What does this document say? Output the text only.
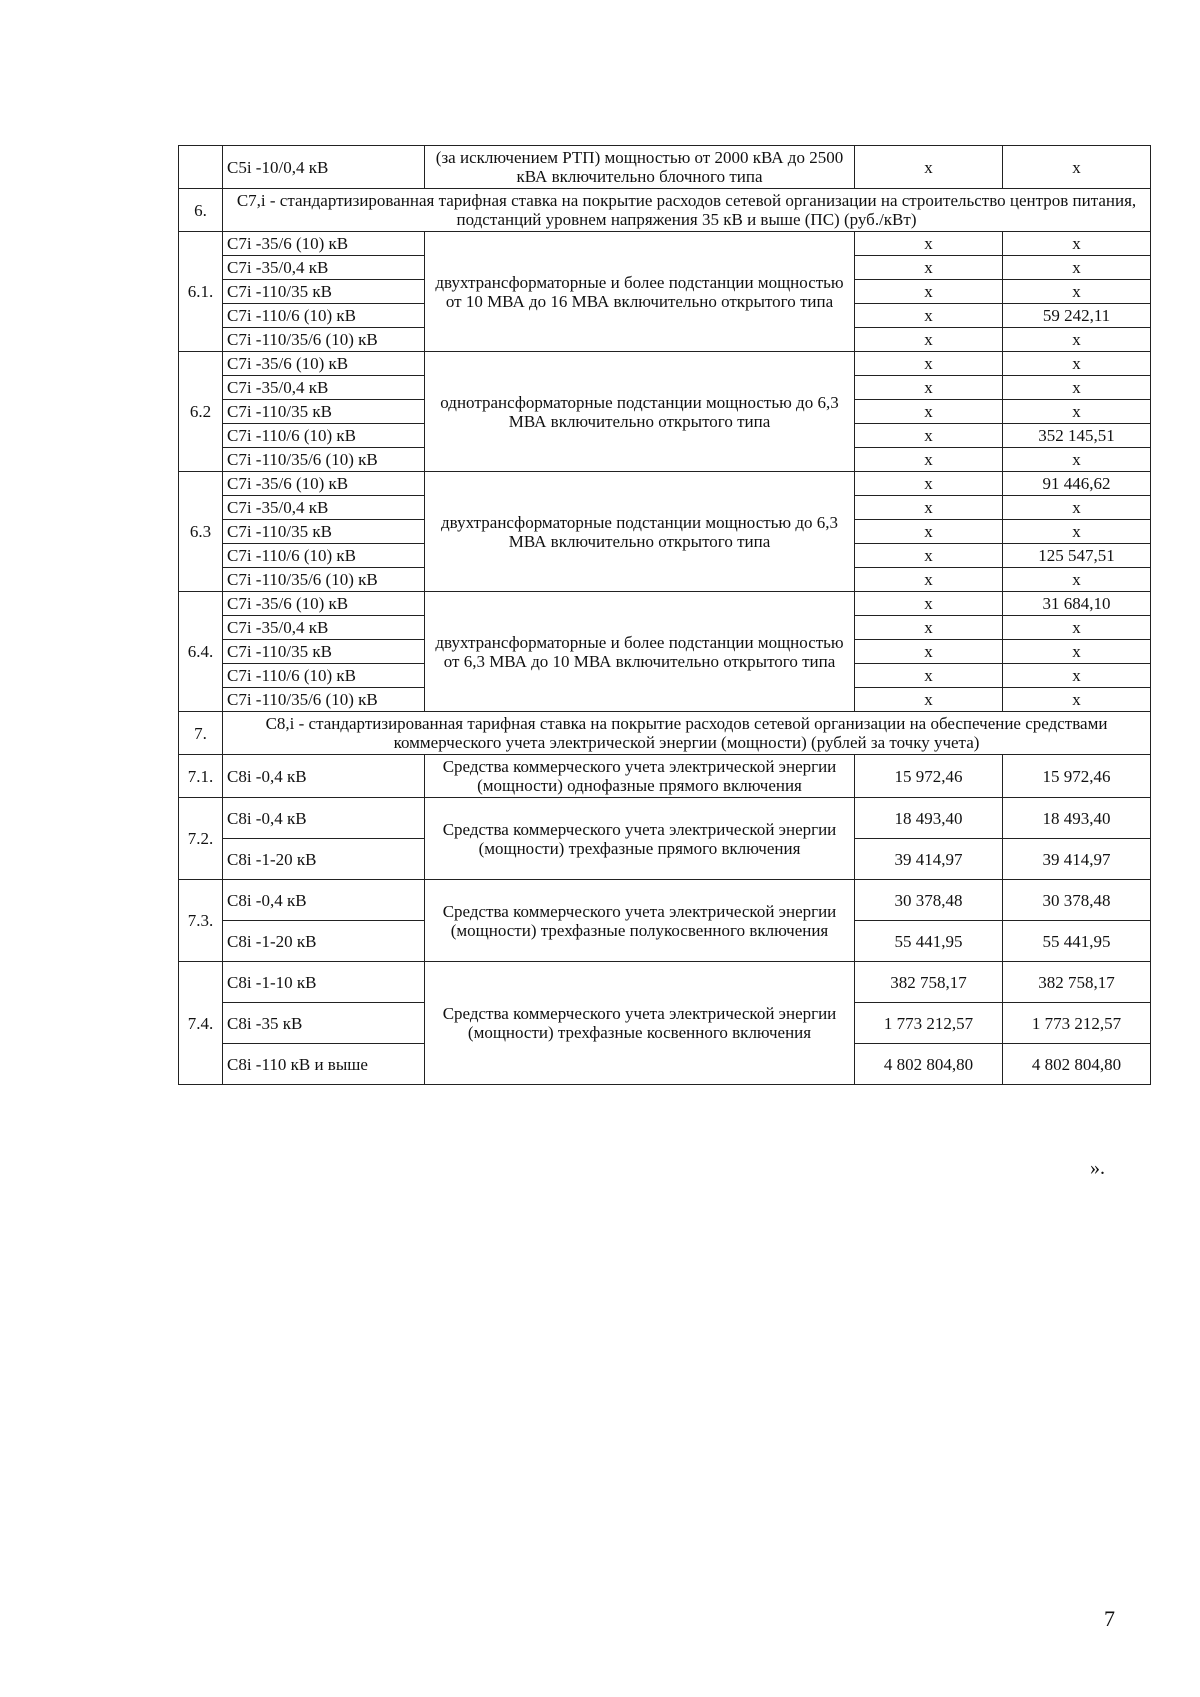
	C5i -10/0,4 кВ	(за исключением РТП) мощностью от 2000 кВА до 2500 кВА включительно блочного типа	x	x
6.	C7,i - стандартизированная тарифная ставка на покрытие расходов сетевой организации на строительство центров питания, подстанций уровнем напряжения 35 кВ и выше (ПС) (руб./кВт)			
6.1.	C7i -35/6 (10) кВ	двухтрансформаторные и более подстанции мощностью от 10 МВА до 16 МВА включительно открытого типа	x	x
	C7i -35/0,4 кВ		x	x
	C7i -110/35 кВ		x	x
	C7i -110/6 (10) кВ		x	59 242,11
	C7i -110/35/6 (10) кВ		x	x
6.2	C7i -35/6 (10) кВ	однотрансформаторные подстанции мощностью до 6,3 МВА включительно открытого типа	x	x
	C7i -35/0,4 кВ		x	x
	C7i -110/35 кВ		x	x
	C7i -110/6 (10) кВ		x	352 145,51
	C7i -110/35/6 (10) кВ		x	x
6.3	C7i -35/6 (10) кВ	двухтрансформаторные подстанции мощностью до 6,3 МВА включительно открытого типа	x	91 446,62
	C7i -35/0,4 кВ		x	x
	C7i -110/35 кВ		x	x
	C7i -110/6 (10) кВ		x	125 547,51
	C7i -110/35/6 (10) кВ		x	x
6.4.	C7i -35/6 (10) кВ	двухтрансформаторные и более подстанции мощностью от 6,3 МВА до 10 МВА включительно открытого типа	x	31 684,10
	C7i -35/0,4 кВ		x	x
	C7i -110/35 кВ		x	x
	C7i -110/6 (10) кВ		x	x
	C7i -110/35/6 (10) кВ		x	x
7.	C8,i - стандартизированная тарифная ставка на покрытие расходов сетевой организации на обеспечение средствами коммерческого учета электрической энергии (мощности) (рублей за точку учета)			
7.1.	C8i -0,4 кВ	Средства коммерческого учета электрической энергии (мощности) однофазные прямого включения	15 972,46	15 972,46
7.2.	C8i -0,4 кВ	Средства коммерческого учета электрической энергии (мощности) трехфазные прямого включения	18 493,40	18 493,40
	C8i -1-20 кВ		39 414,97	39 414,97
7.3.	C8i -0,4 кВ	Средства коммерческого учета электрической энергии (мощности) трехфазные полукосвенного включения	30 378,48	30 378,48
	C8i -1-20 кВ		55 441,95	55 441,95
7.4.	C8i -1-10 кВ	Средства коммерческого учета электрической энергии (мощности) трехфазные косвенного включения	382 758,17	382 758,17
	C8i -35 кВ		1 773 212,57	1 773 212,57
	C8i -110 кВ и выше		4 802 804,80	4 802 804,80
».
7
